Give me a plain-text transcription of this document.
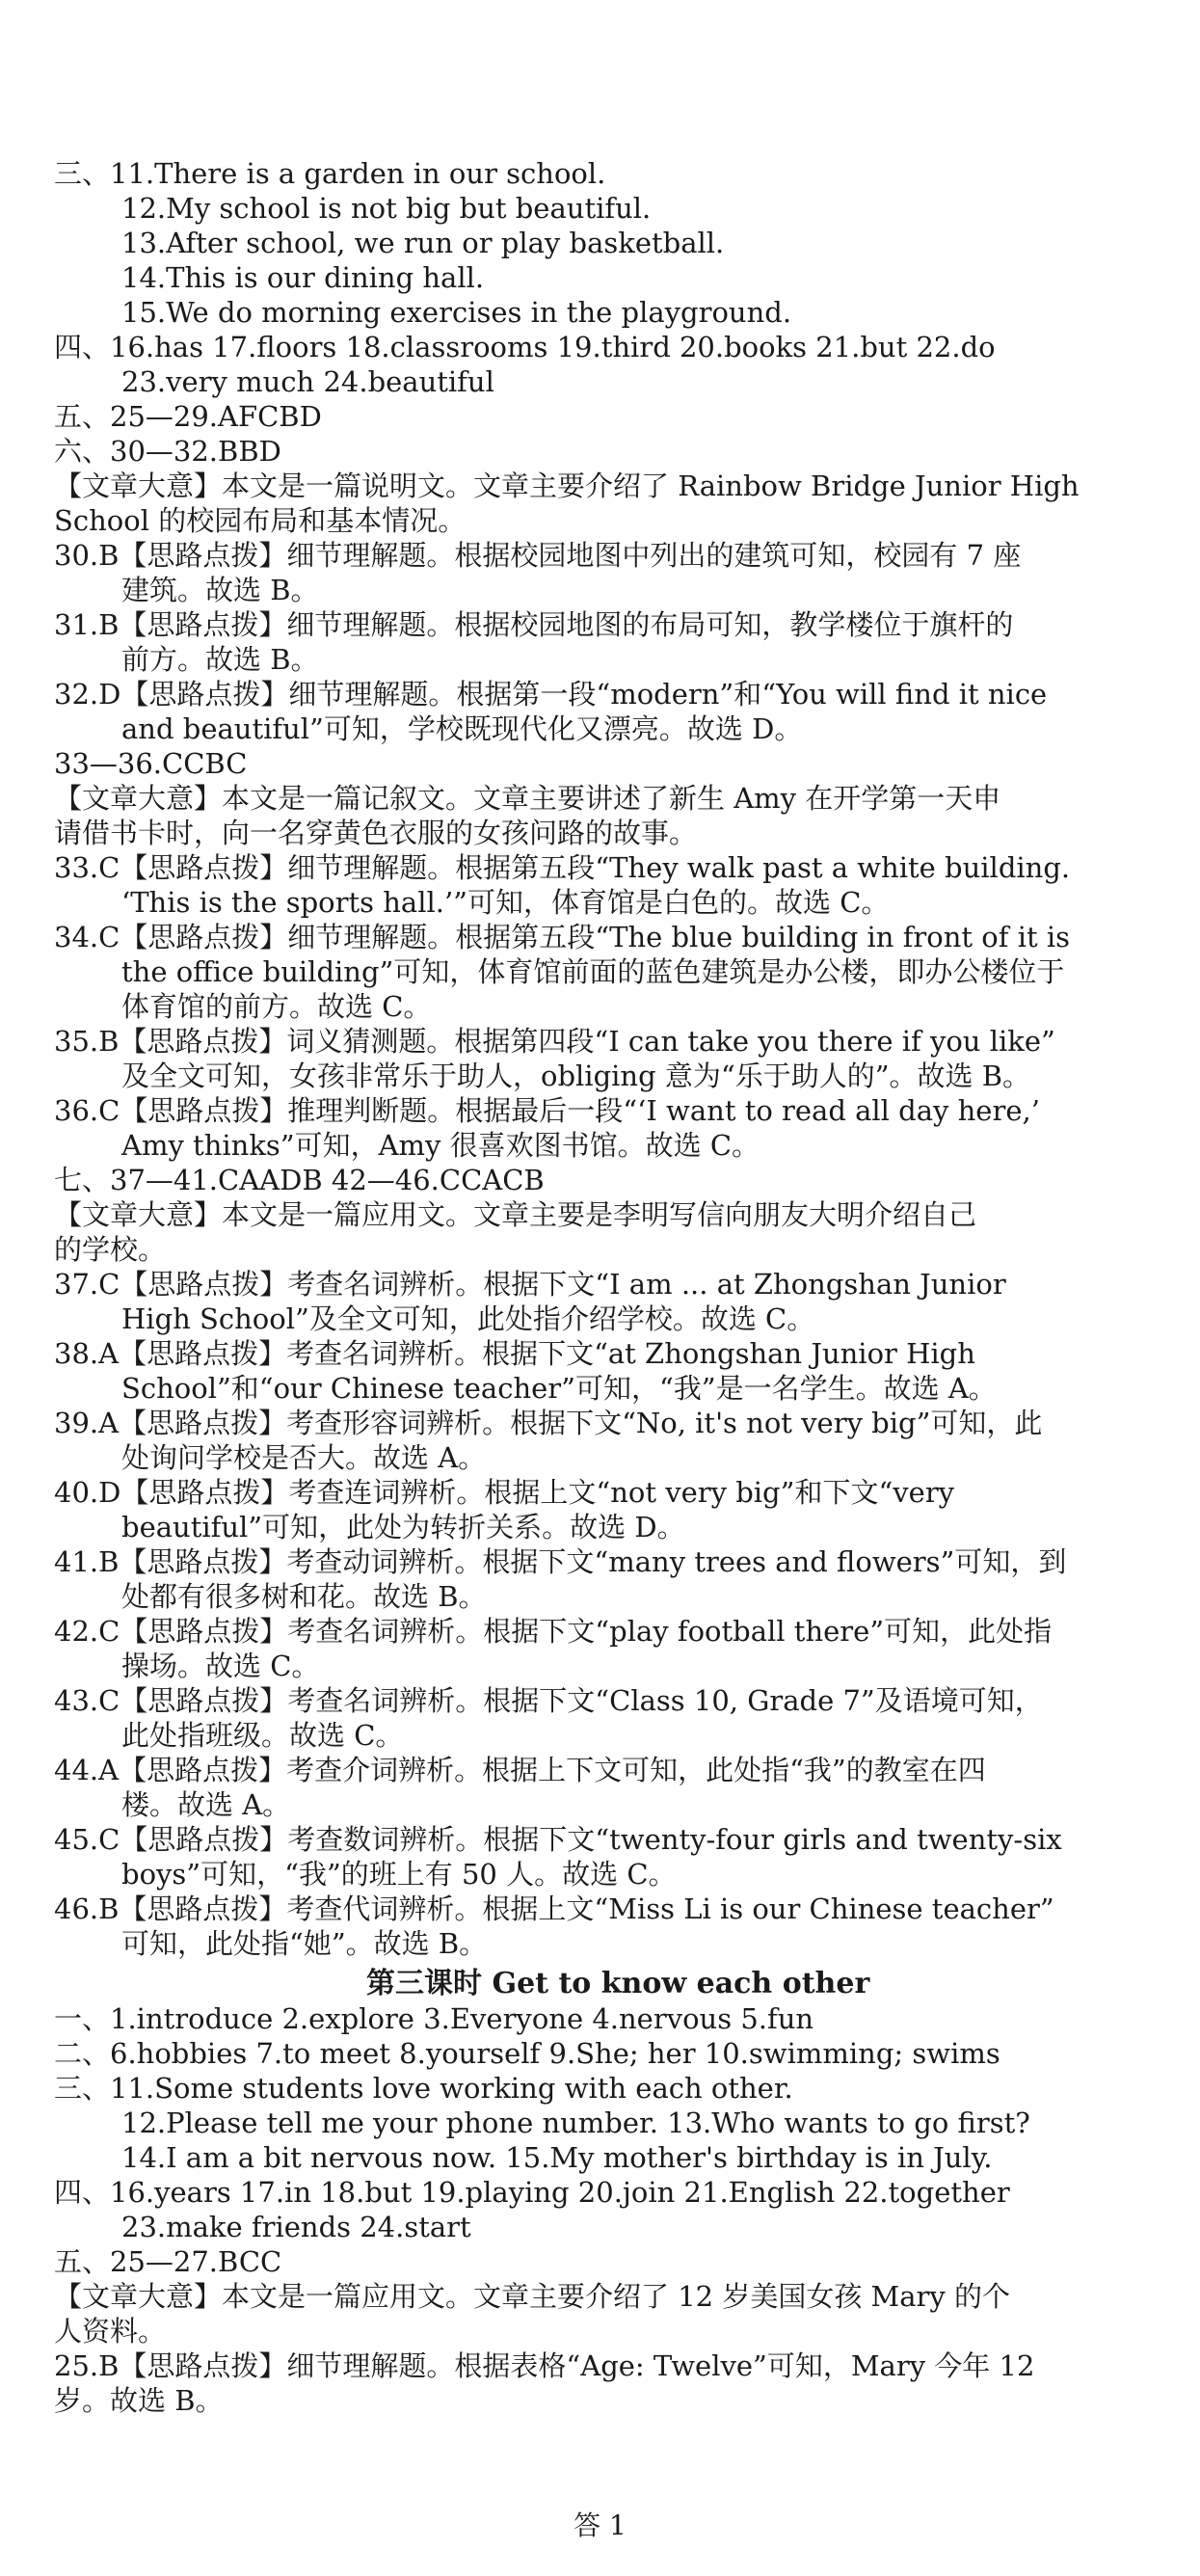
三、11.There is a garden in our school.
12.My school is not big but beautiful.
13.After school, we run or play basketball.
14.This is our dining hall.
15.We do morning exercises in the playground.
四、16.has 17.floors 18.classrooms 19.third 20.books 21.but 22.do
23.very much 24.beautiful
五、25—29.AFCBD
六、30—32.BBD
【文章大意】本文是一篇说明文。文章主要介绍了 Rainbow Bridge Junior High
School 的校园布局和基本情况。
30.B【思路点拨】细节理解题。根据校园地图中列出的建筑可知，校园有 7 座
建筑。故选 B。
31.B【思路点拨】细节理解题。根据校园地图的布局可知，教学楼位于旗杆的
前方。故选 B。
32.D【思路点拨】细节理解题。根据第一段“modern”和“You will find it nice
and beautiful”可知，学校既现代化又漂亮。故选 D。
33—36.CCBC
【文章大意】本文是一篇记叙文。文章主要讲述了新生 Amy 在开学第一天申
请借书卡时，向一名穿黄色衣服的女孩问路的故事。
33.C【思路点拨】细节理解题。根据第五段“They walk past a white building.
‘This is the sports hall.’”可知，体育馆是白色的。故选 C。
34.C【思路点拨】细节理解题。根据第五段“The blue building in front of it is
the office building”可知，体育馆前面的蓝色建筑是办公楼，即办公楼位于
体育馆的前方。故选 C。
35.B【思路点拨】词义猜测题。根据第四段“I can take you there if you like”
及全文可知，女孩非常乐于助人，obliging 意为“乐于助人的”。故选 B。
36.C【思路点拨】推理判断题。根据最后一段“‘I want to read all day here,’
Amy thinks”可知，Amy 很喜欢图书馆。故选 C。
七、37—41.CAADB 42—46.CCACB
【文章大意】本文是一篇应用文。文章主要是李明写信向朋友大明介绍自己
的学校。
37.C【思路点拨】考查名词辨析。根据下文“I am ... at Zhongshan Junior
High School”及全文可知，此处指介绍学校。故选 C。
38.A【思路点拨】考查名词辨析。根据下文“at Zhongshan Junior High
School”和“our Chinese teacher”可知，“我”是一名学生。故选 A。
39.A【思路点拨】考查形容词辨析。根据下文“No, it's not very big”可知，此
处询问学校是否大。故选 A。
40.D【思路点拨】考查连词辨析。根据上文“not very big”和下文“very
beautiful”可知，此处为转折关系。故选 D。
41.B【思路点拨】考查动词辨析。根据下文“many trees and flowers”可知，到
处都有很多树和花。故选 B。
42.C【思路点拨】考查名词辨析。根据下文“play football there”可知，此处指
操场。故选 C。
43.C【思路点拨】考查名词辨析。根据下文“Class 10, Grade 7”及语境可知，
此处指班级。故选 C。
44.A【思路点拨】考查介词辨析。根据上下文可知，此处指“我”的教室在四
楼。故选 A。
45.C【思路点拨】考查数词辨析。根据下文“twenty-four girls and twenty-six
boys”可知，“我”的班上有 50 人。故选 C。
46.B【思路点拨】考查代词辨析。根据上文“Miss Li is our Chinese teacher”
可知，此处指“她”。故选 B。
第三课时 Get to know each other
一、1.introduce 2.explore 3.Everyone 4.nervous 5.fun
二、6.hobbies 7.to meet 8.yourself 9.She; her 10.swimming; swims
三、11.Some students love working with each other.
12.Please tell me your phone number. 13.Who wants to go first?
14.I am a bit nervous now. 15.My mother's birthday is in July.
四、16.years 17.in 18.but 19.playing 20.join 21.English 22.together
23.make friends 24.start
五、25—27.BCC
【文章大意】本文是一篇应用文。文章主要介绍了 12 岁美国女孩 Mary 的个
人资料。
25.B【思路点拨】细节理解题。根据表格“Age: Twelve”可知，Mary 今年 12
岁。故选 B。
答 1
